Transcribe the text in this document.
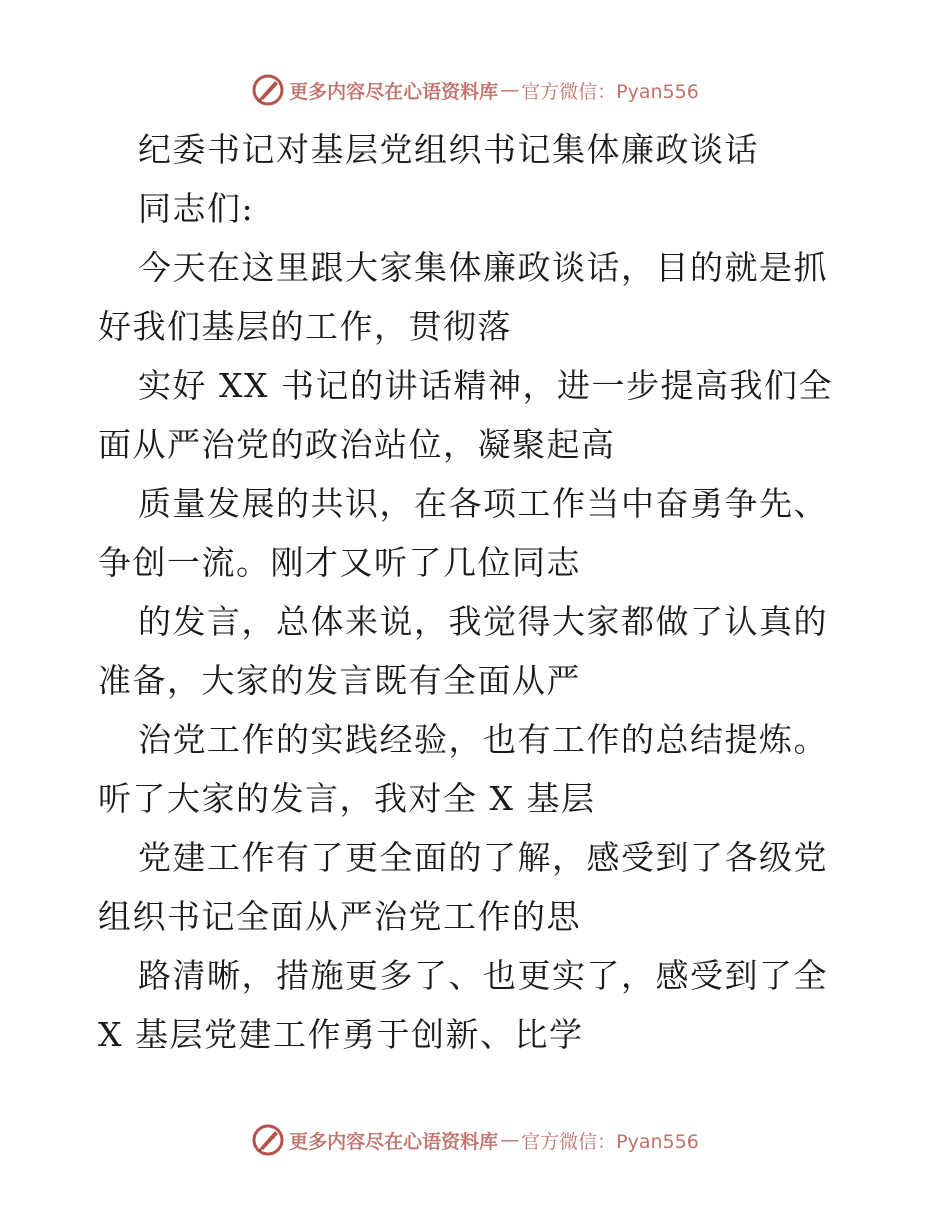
更多内容尽在心语资料库 — 官方微信：Pyan556

纪委书记对基层党组织书记集体廉政谈话

同志们:

今天在这里跟大家集体廉政谈话，目的就是抓好我们基层的工作，贯彻落

实好 XX 书记的讲话精神，进一步提高我们全面从严治党的政治站位，凝聚起高

质量发展的共识，在各项工作当中奋勇争先、争创一流。刚才又听了几位同志

的发言，总体来说，我觉得大家都做了认真的准备，大家的发言既有全面从严

治党工作的实践经验，也有工作的总结提炼。听了大家的发言，我对全 X 基层

党建工作有了更全面的了解，感受到了各级党组织书记全面从严治党工作的思

路清晰，措施更多了、也更实了，感受到了全 X 基层党建工作勇于创新、比学

更多内容尽在心语资料库 — 官方微信：Pyan556
